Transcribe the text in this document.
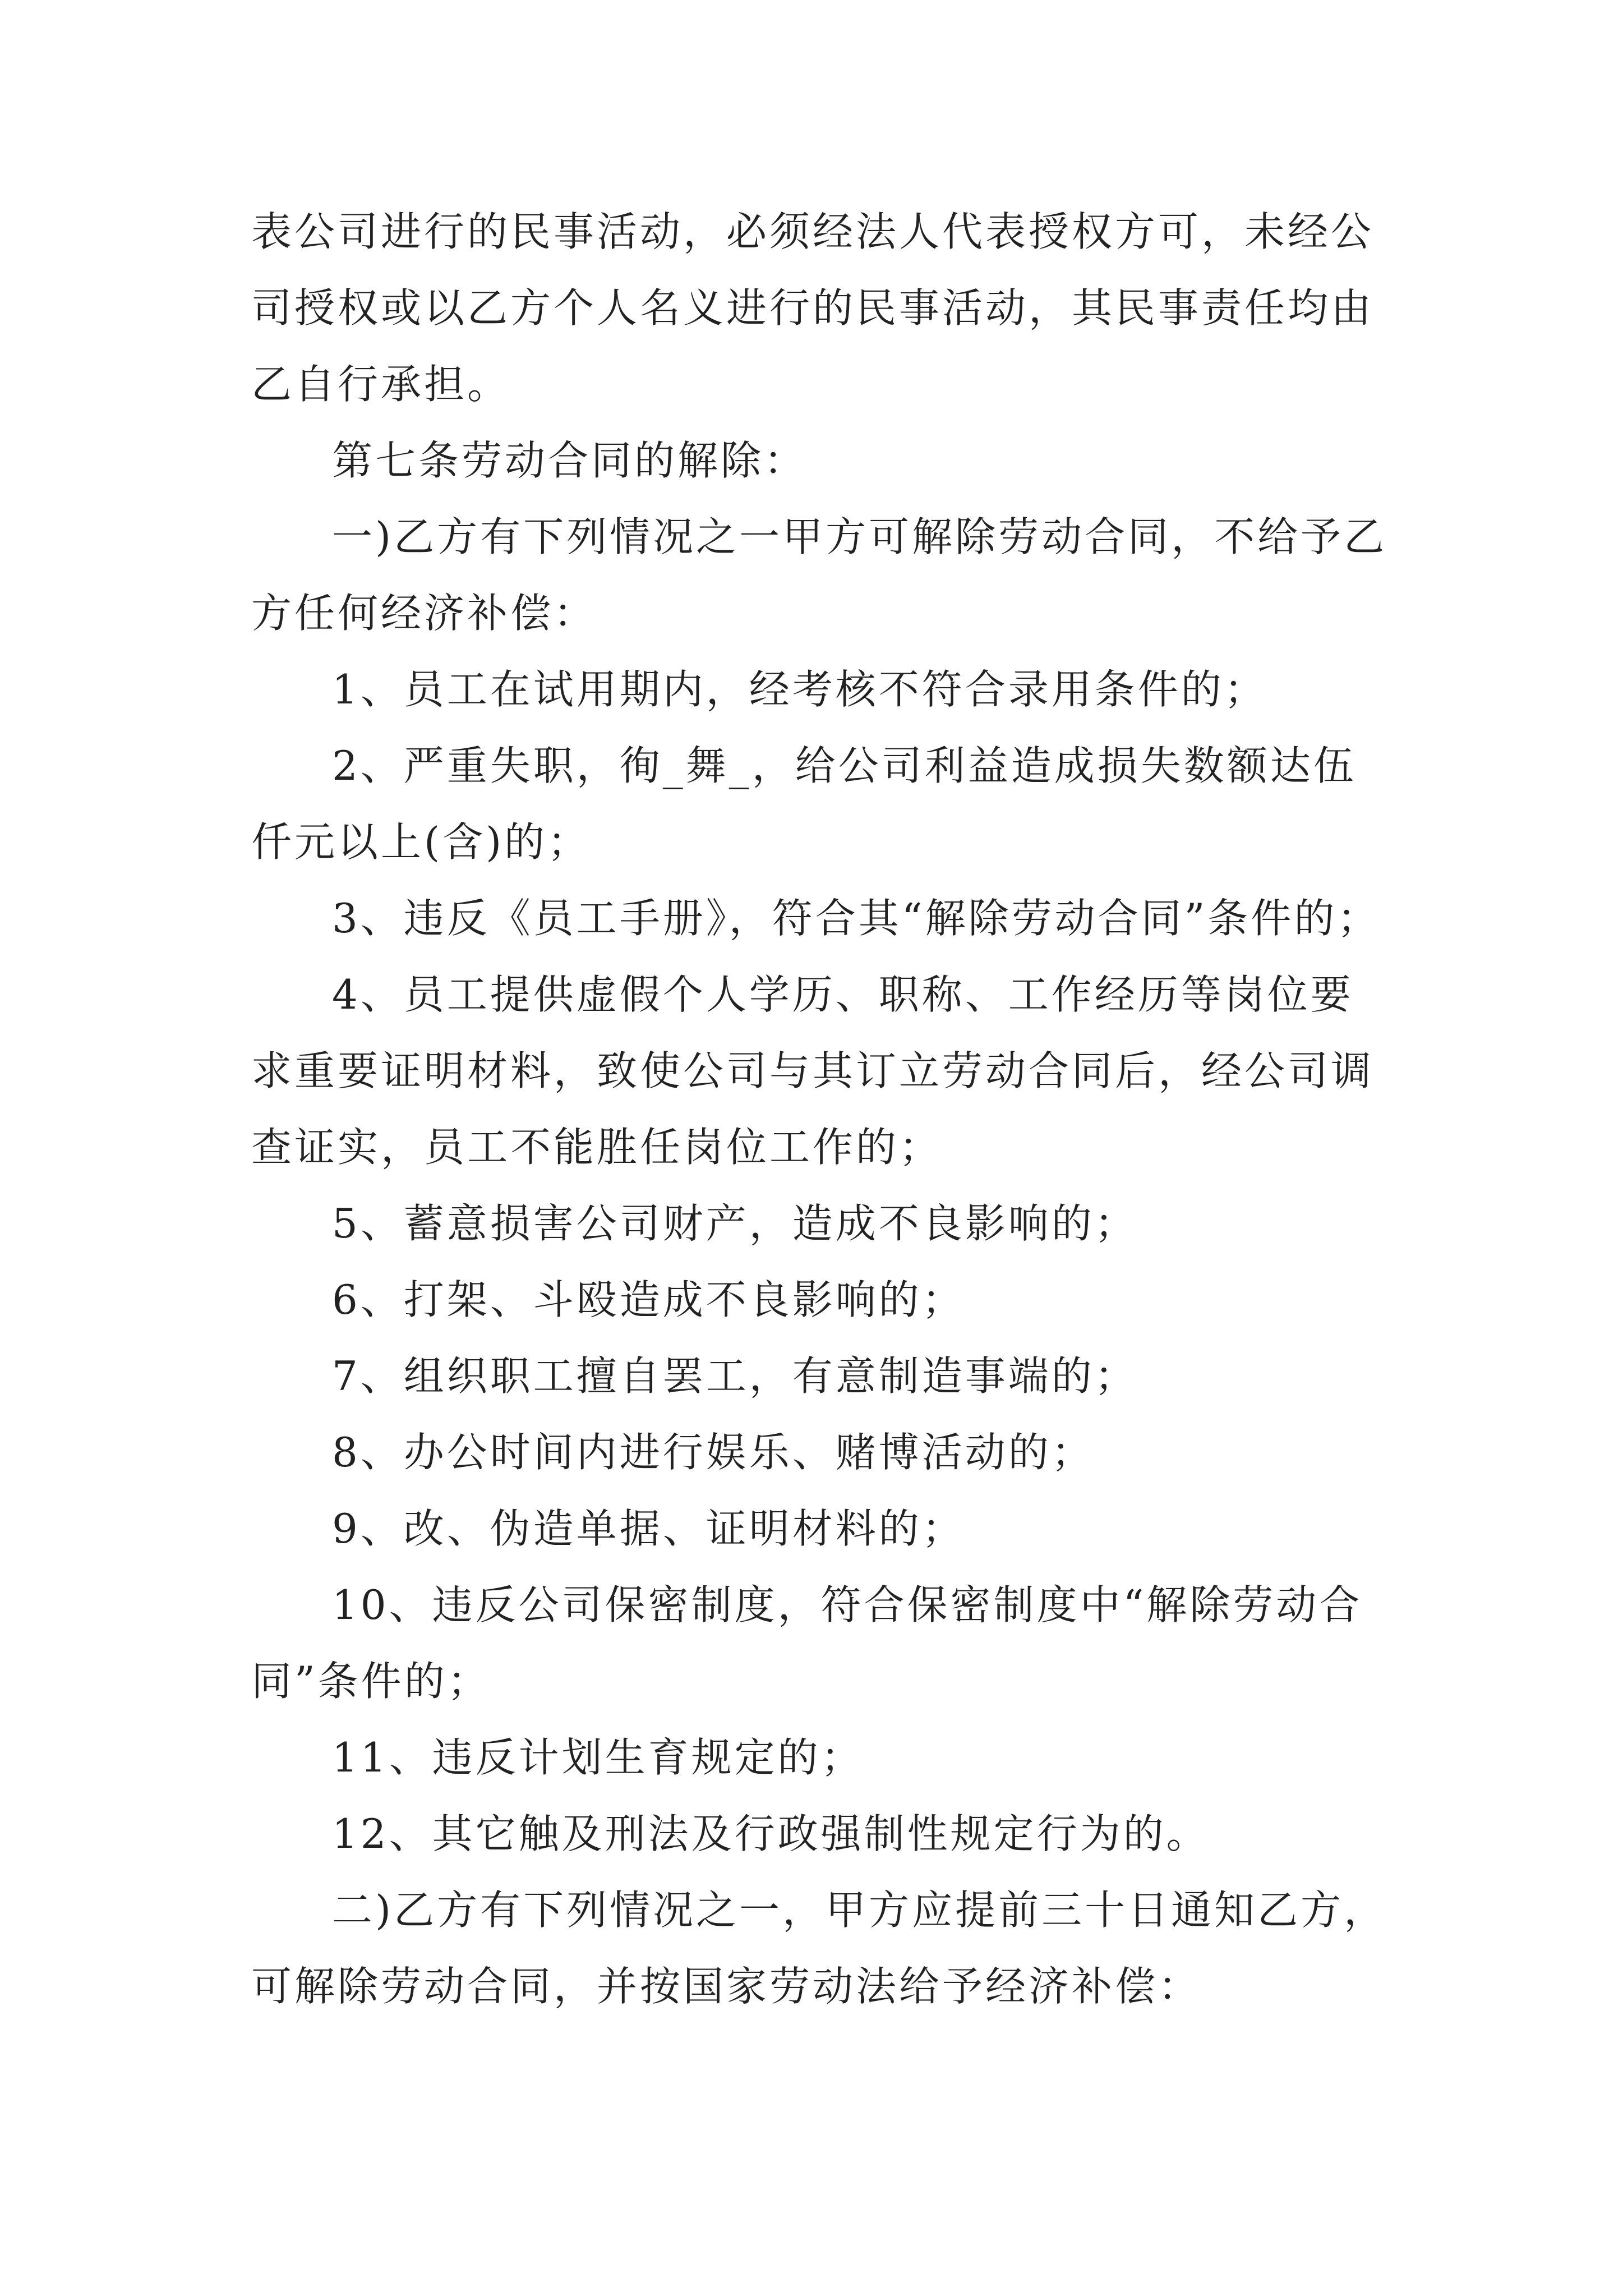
表公司进行的民事活动，必须经法人代表授权方可，未经公司授权或以乙方个人名义进行的民事活动，其民事责任均由乙自行承担。

第七条劳动合同的解除：

一)乙方有下列情况之一甲方可解除劳动合同，不给予乙方任何经济补偿：

1、员工在试用期内，经考核不符合录用条件的；

2、严重失职，徇_舞_，给公司利益造成损失数额达伍仟元以上(含)的；

3、违反《员工手册》，符合其“解除劳动合同”条件的；

4、员工提供虚假个人学历、职称、工作经历等岗位要求重要证明材料，致使公司与其订立劳动合同后，经公司调查证实，员工不能胜任岗位工作的；

5、蓄意损害公司财产，造成不良影响的；

6、打架、斗殴造成不良影响的；

7、组织职工擅自罢工，有意制造事端的；

8、办公时间内进行娱乐、赌博活动的；

9、改、伪造单据、证明材料的；

10、违反公司保密制度，符合保密制度中“解除劳动合同”条件的；

11、违反计划生育规定的；

12、其它触及刑法及行政强制性规定行为的。

二)乙方有下列情况之一，甲方应提前三十日通知乙方，可解除劳动合同，并按国家劳动法给予经济补偿：
